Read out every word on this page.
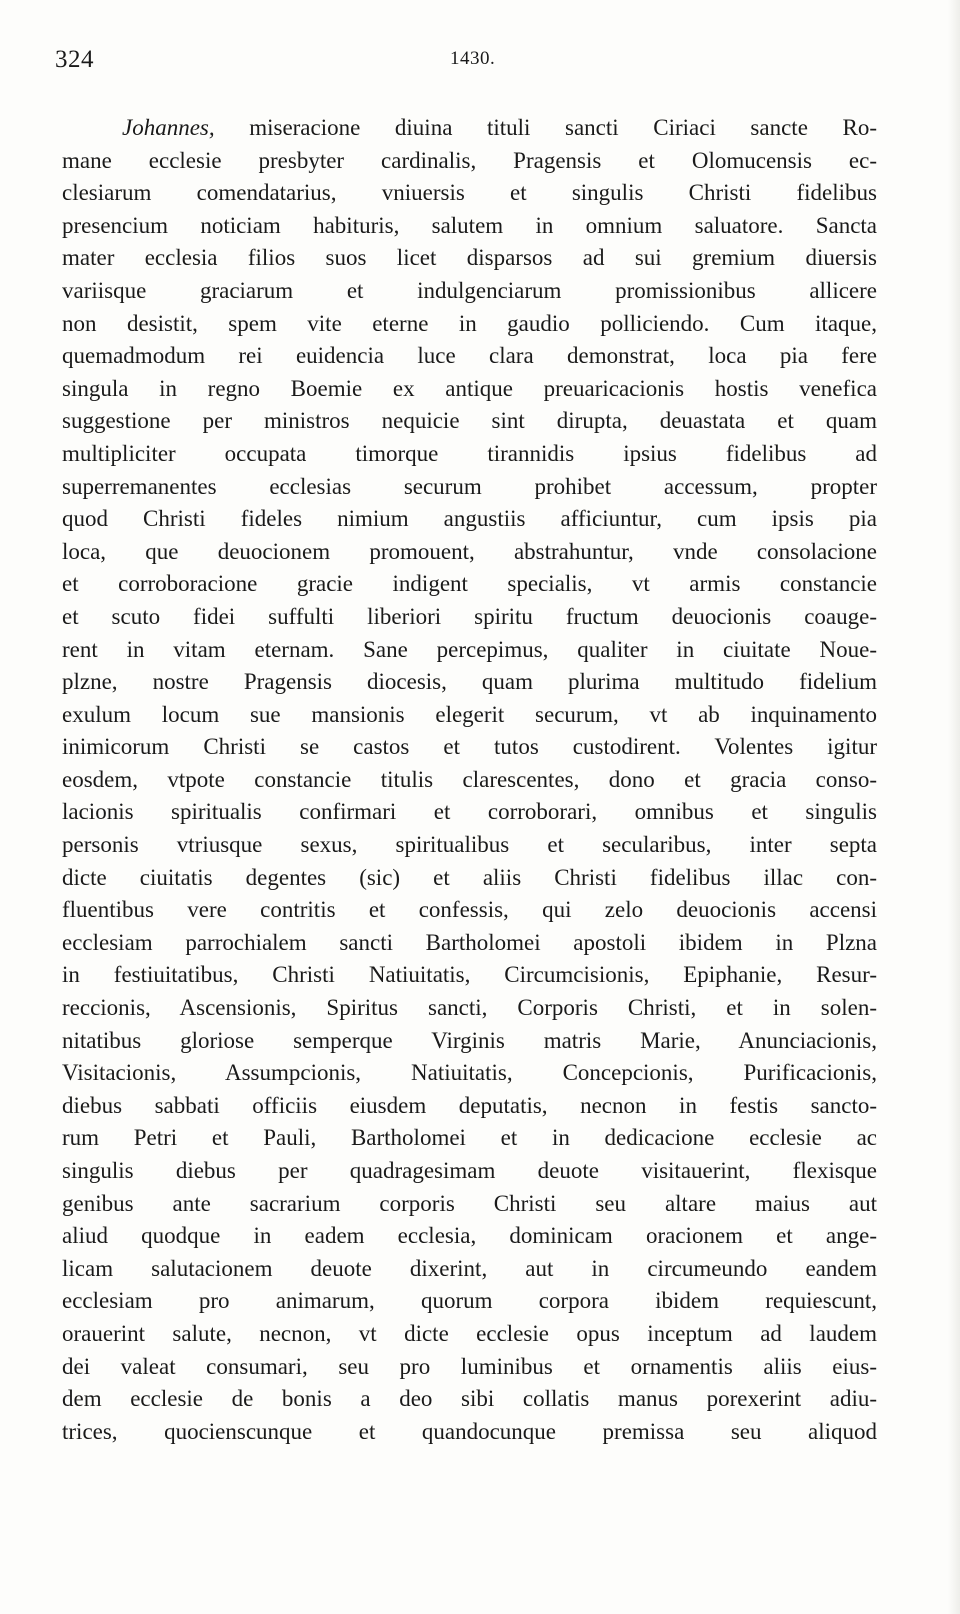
324	1430.
Johannes, miseracione diuina tituli sancti Ciriaci sancte Ro-
mane ecclesie presbyter cardinalis, Pragensis et Olomucensis ec-
clesiarum comendatarius, vniuersis et singulis Christi fidelibus
presencium noticiam habituris, salutem in omnium saluatore. Sancta
mater ecclesia filios suos licet disparsos ad sui gremium diuersis
variisque graciarum et indulgenciarum promissionibus allicere
non desistit, spem vite eterne in gaudio polliciendo. Cum itaque,
quemadmodum rei euidencia luce clara demonstrat, loca pia fere
singula in regno Boemie ex antique preuaricacionis hostis venefica
suggestione per ministros nequicie sint dirupta, deuastata et quam
multipliciter occupata timorque tirannidis ipsius fidelibus ad
superremanentes ecclesias securum prohibet accessum, propter
quod Christi fideles nimium angustiis afficiuntur, cum ipsis pia
loca, que deuocionem promouent, abstrahuntur, vnde consolacione
et corroboracione gracie indigent specialis, vt armis constancie
et scuto fidei suffulti liberiori spiritu fructum deuocionis coauge-
rent in vitam eternam. Sane percepimus, qualiter in ciuitate Noue-
plzne, nostre Pragensis diocesis, quam plurima multitudo fidelium
exulum locum sue mansionis elegerit securum, vt ab inquinamento
inimicorum Christi se castos et tutos custodirent. Volentes igitur
eosdem, vtpote constancie titulis clarescentes, dono et gracia conso-
lacionis spiritualis confirmari et corroborari, omnibus et singulis
personis vtriusque sexus, spiritualibus et secularibus, inter septa
dicte ciuitatis degentes (sic) et aliis Christi fidelibus illac con-
fluentibus vere contritis et confessis, qui zelo deuocionis accensi
ecclesiam parrochialem sancti Bartholomei apostoli ibidem in Plzna
in festiuitatibus, Christi Natiuitatis, Circumcisionis, Epiphanie, Resur-
reccionis, Ascensionis, Spiritus sancti, Corporis Christi, et in solen-
nitatibus gloriose semperque Virginis matris Marie, Anunciacionis,
Visitacionis, Assumpcionis, Natiuitatis, Concepcionis, Purificacionis,
diebus sabbati officiis eiusdem deputatis, necnon in festis sancto-
rum Petri et Pauli, Bartholomei et in dedicacione ecclesie ac
singulis diebus per quadragesimam deuote visitauerint, flexisque
genibus ante sacrarium corporis Christi seu altare maius aut
aliud quodque in eadem ecclesia, dominicam oracionem et ange-
licam salutacionem deuote dixerint, aut in circumeundo eandem
ecclesiam pro animarum, quorum corpora ibidem requiescunt,
orauerint salute, necnon, vt dicte ecclesie opus inceptum ad laudem
dei valeat consumari, seu pro luminibus et ornamentis aliis eius-
dem ecclesie de bonis a deo sibi collatis manus porexerint adiu-
trices, quocienscunque et quandocunque premissa seu aliquod
